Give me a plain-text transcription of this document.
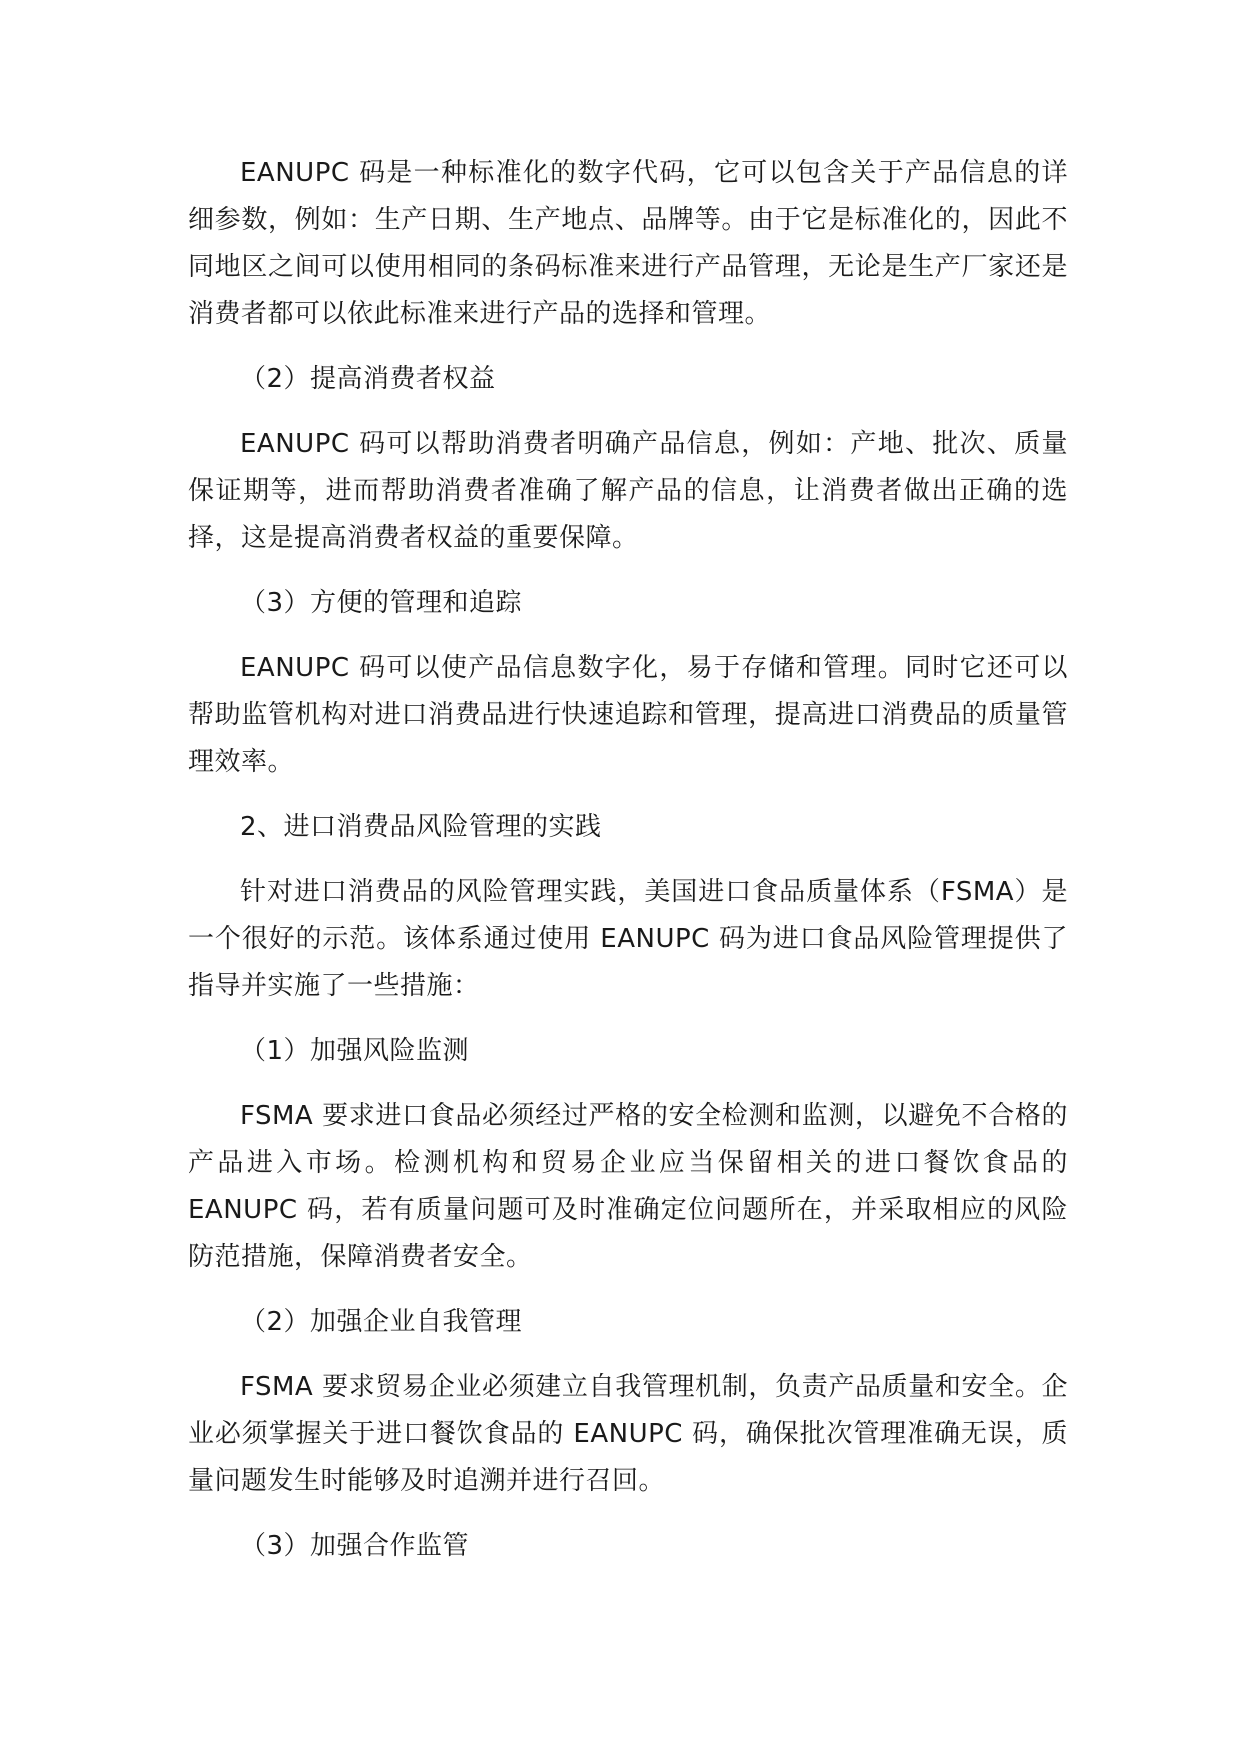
EANUPC 码是一种标准化的数字代码，它可以包含关于产品信息的详细参数，例如：生产日期、生产地点、品牌等。由于它是标准化的，因此不同地区之间可以使用相同的条码标准来进行产品管理，无论是生产厂家还是消费者都可以依此标准来进行产品的选择和管理。

（2）提高消费者权益

EANUPC 码可以帮助消费者明确产品信息，例如：产地、批次、质量保证期等，进而帮助消费者准确了解产品的信息，让消费者做出正确的选择，这是提高消费者权益的重要保障。

（3）方便的管理和追踪

EANUPC 码可以使产品信息数字化，易于存储和管理。同时它还可以帮助监管机构对进口消费品进行快速追踪和管理，提高进口消费品的质量管理效率。

2、进口消费品风险管理的实践

针对进口消费品的风险管理实践，美国进口食品质量体系（FSMA）是一个很好的示范。该体系通过使用 EANUPC 码为进口食品风险管理提供了指导并实施了一些措施：

（1）加强风险监测

FSMA 要求进口食品必须经过严格的安全检测和监测，以避免不合格的产品进入市场。检测机构和贸易企业应当保留相关的进口餐饮食品的 EANUPC 码，若有质量问题可及时准确定位问题所在，并采取相应的风险防范措施，保障消费者安全。

（2）加强企业自我管理

FSMA 要求贸易企业必须建立自我管理机制，负责产品质量和安全。企业必须掌握关于进口餐饮食品的 EANUPC 码，确保批次管理准确无误，质量问题发生时能够及时追溯并进行召回。

（3）加强合作监管
